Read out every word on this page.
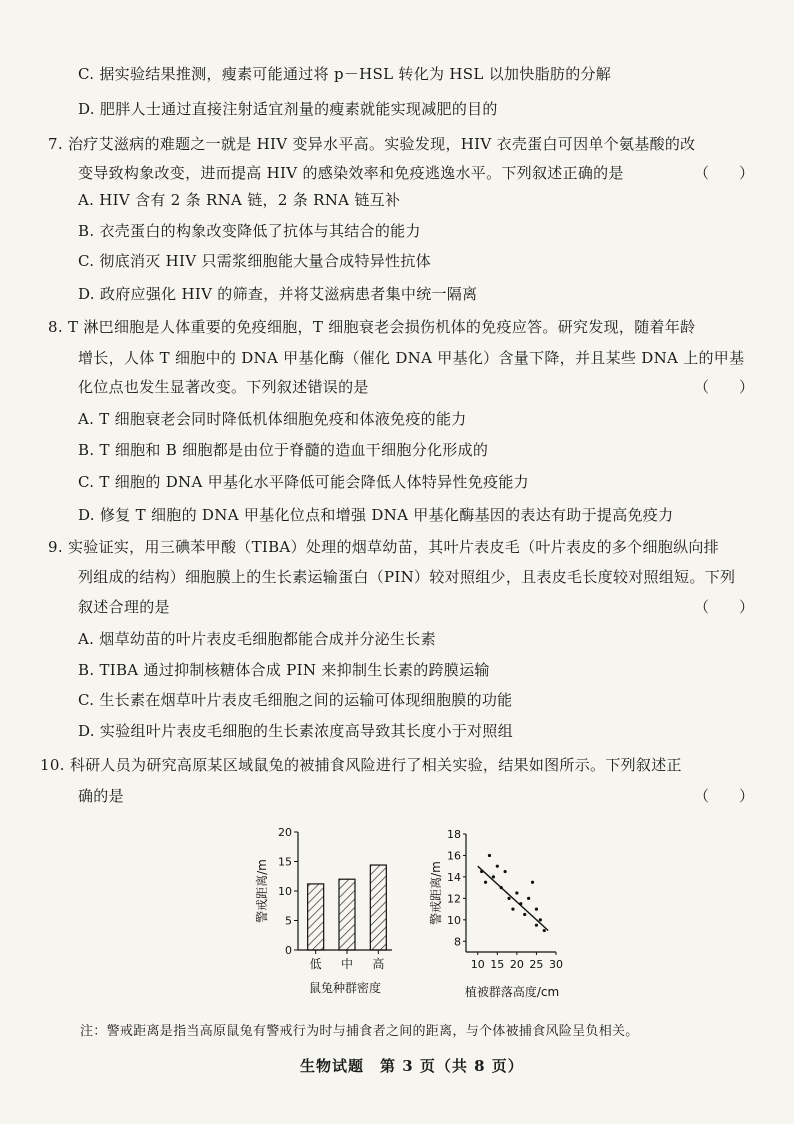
C. 据实验结果推测，瘦素可能通过将 p－HSL 转化为 HSL 以加快脂肪的分解
D. 肥胖人士通过直接注射适宜剂量的瘦素就能实现减肥的目的
7. 治疗艾滋病的难题之一就是 HIV 变异水平高。实验发现，HIV 衣壳蛋白可因单个氨基酸的改
变导致构象改变，进而提高 HIV 的感染效率和免疫逃逸水平。下列叙述正确的是	（　　）
A. HIV 含有 2 条 RNA 链，2 条 RNA 链互补
B. 衣壳蛋白的构象改变降低了抗体与其结合的能力
C. 彻底消灭 HIV 只需浆细胞能大量合成特异性抗体
D. 政府应强化 HIV 的筛查，并将艾滋病患者集中统一隔离
8. T 淋巴细胞是人体重要的免疫细胞，T 细胞衰老会损伤机体的免疫应答。研究发现，随着年龄
增长，人体 T 细胞中的 DNA 甲基化酶（催化 DNA 甲基化）含量下降，并且某些 DNA 上的甲基
化位点也发生显著改变。下列叙述错误的是	（　　）
A. T 细胞衰老会同时降低机体细胞免疫和体液免疫的能力
B. T 细胞和 B 细胞都是由位于脊髓的造血干细胞分化形成的
C. T 细胞的 DNA 甲基化水平降低可能会降低人体特异性免疫能力
D. 修复 T 细胞的 DNA 甲基化位点和增强 DNA 甲基化酶基因的表达有助于提高免疫力
9. 实验证实，用三碘苯甲酸（TIBA）处理的烟草幼苗，其叶片表皮毛（叶片表皮的多个细胞纵向排
列组成的结构）细胞膜上的生长素运输蛋白（PIN）较对照组少，且表皮毛长度较对照组短。下列
叙述合理的是	（　　）
A. 烟草幼苗的叶片表皮毛细胞都能合成并分泌生长素
B. TIBA 通过抑制核糖体合成 PIN 来抑制生长素的跨膜运输
C. 生长素在烟草叶片表皮毛细胞之间的运输可体现细胞膜的功能
D. 实验组叶片表皮毛细胞的生长素浓度高导致其长度小于对照组
10. 科研人员为研究高原某区域鼠兔的被捕食风险进行了相关实验，结果如图所示。下列叙述正
确的是	（　　）
0
5
10
15
20
低 中 高
鼠兔种群密度
警戒距离/m
8
10
12
14
16
18
10 15 20 25 30
植被群落高度/cm
警戒距离/m
注：警戒距离是指当高原鼠兔有警戒行为时与捕食者之间的距离，与个体被捕食风险呈负相关。
生物试题　第 3 页（共 8 页）
